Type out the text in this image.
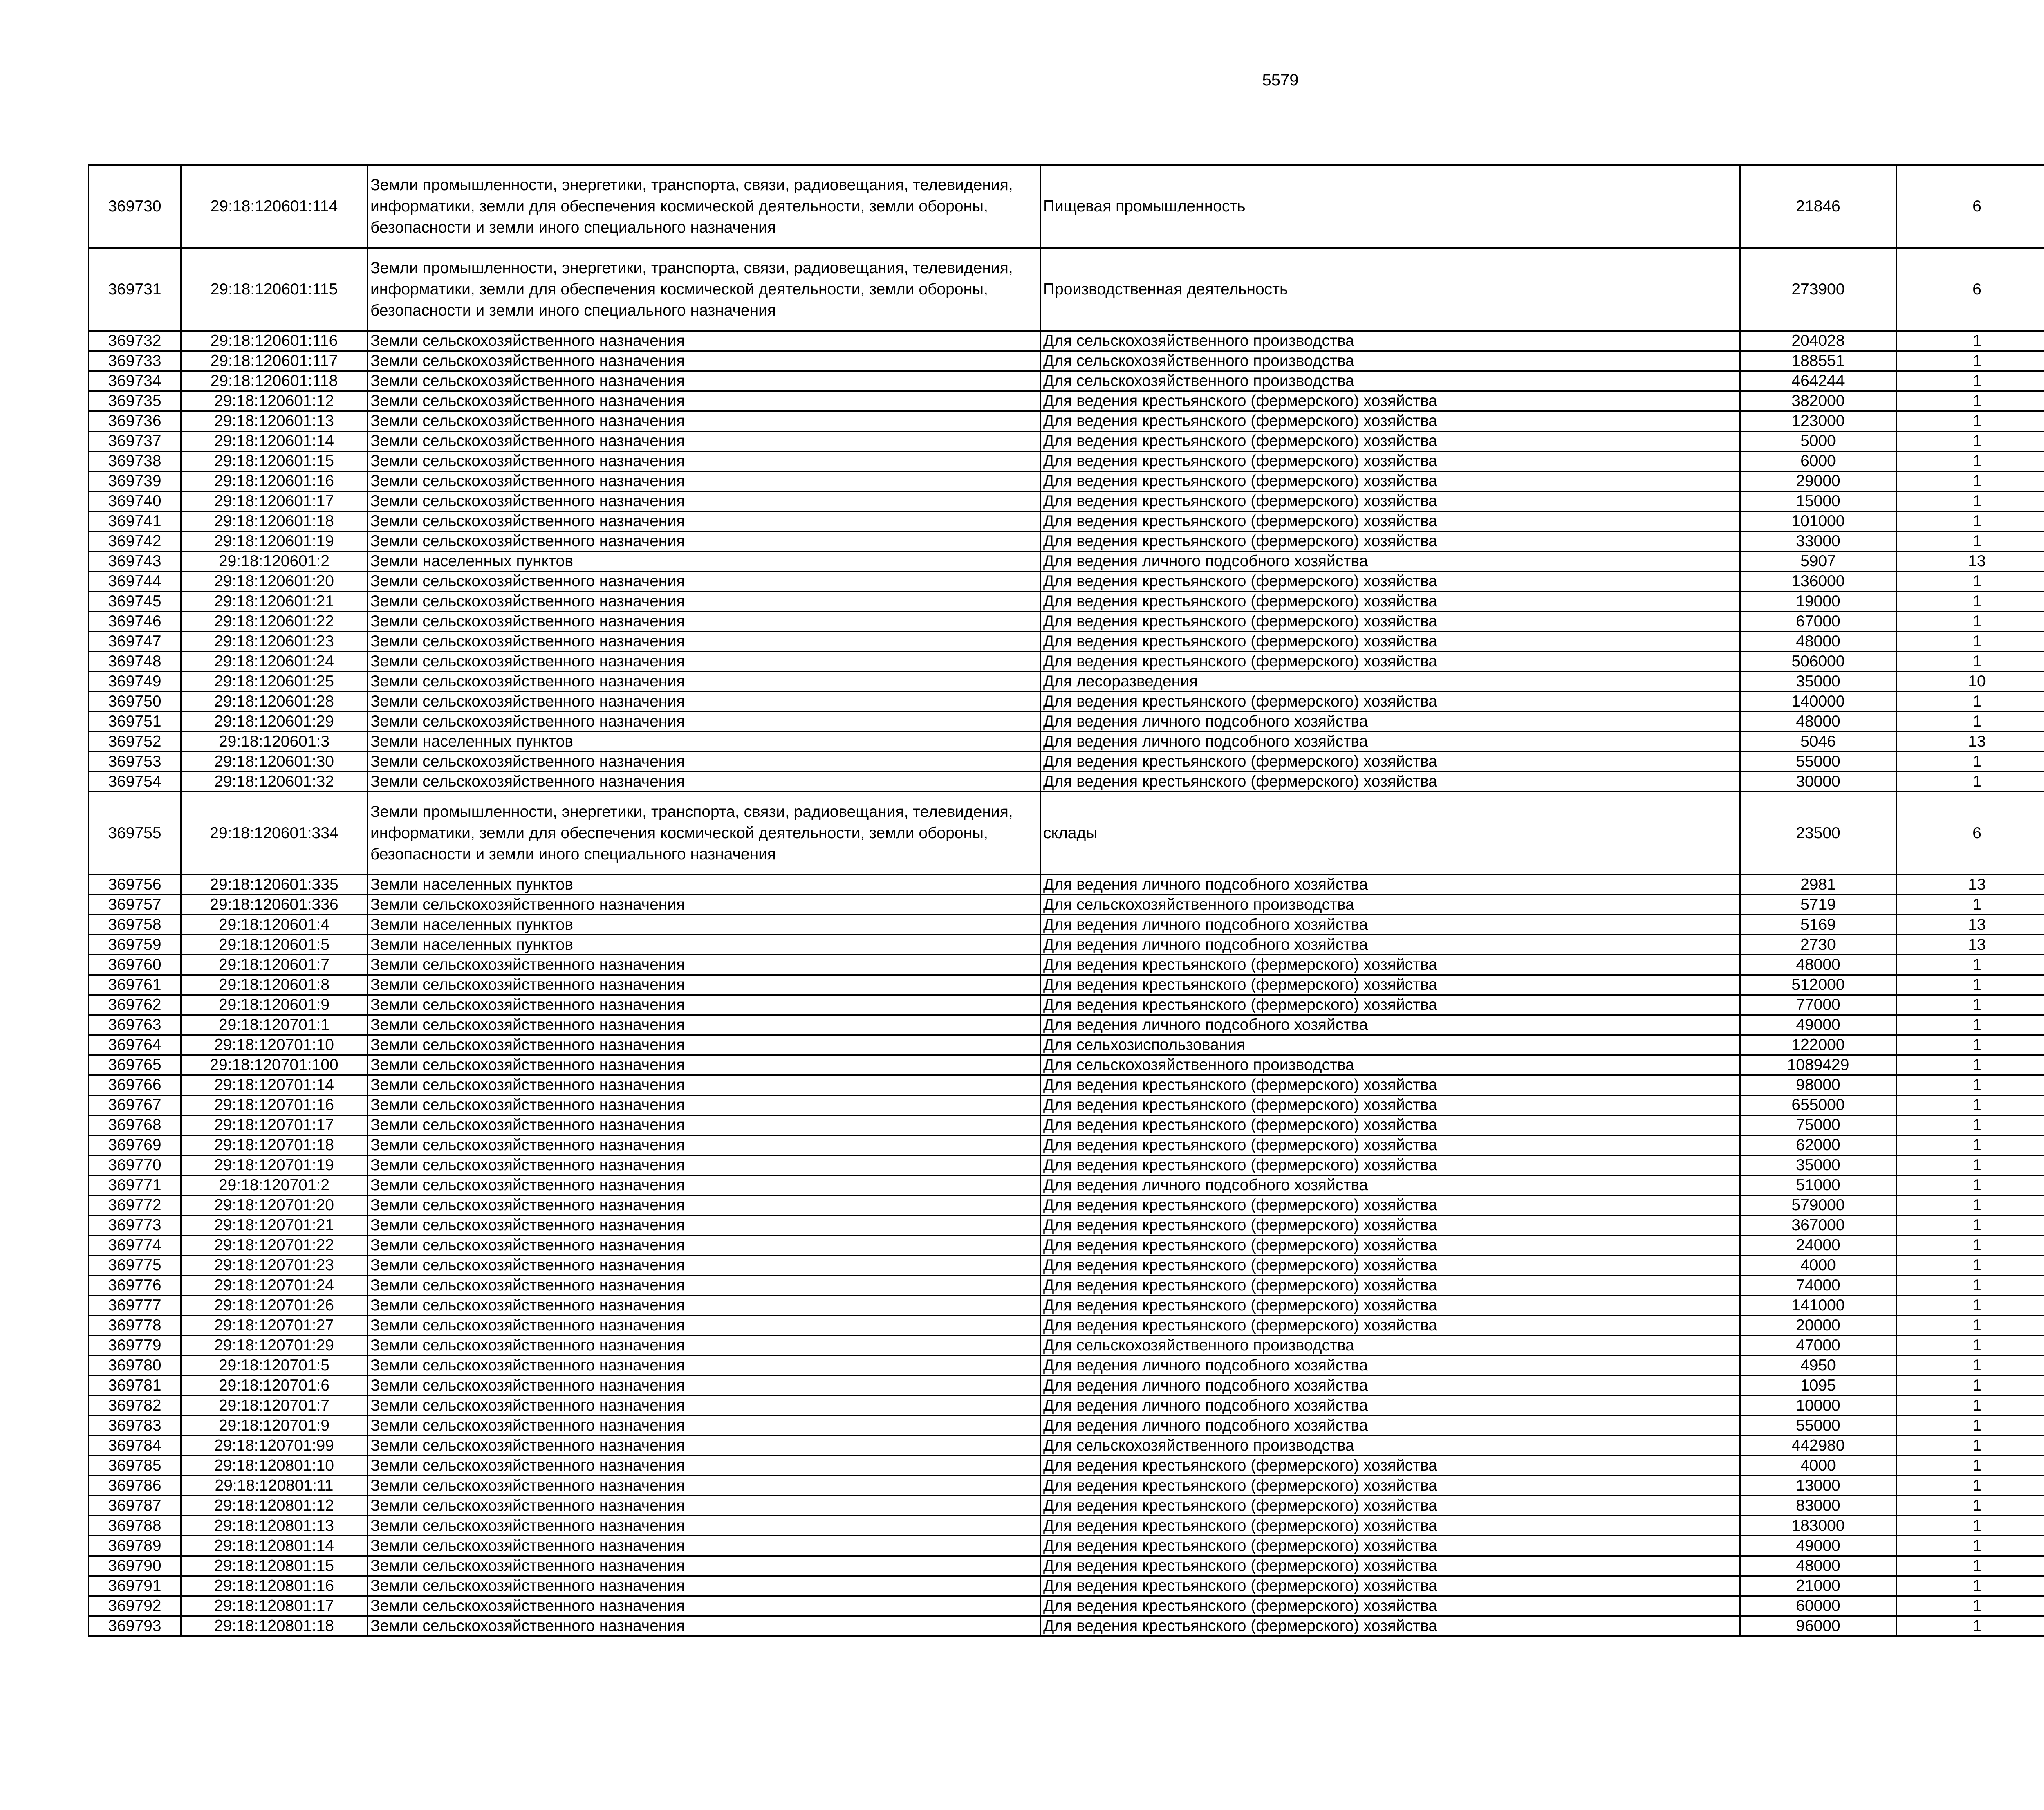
5579
369730	29:18:120601:114	Земли промышленности, энергетики, транспорта, связи, радиовещания, телевидения, информатики, земли для обеспечения космической деятельности, земли обороны, безопасности и земли иного специального назначения	Пищевая промышленность	21846	6		
369731	29:18:120601:115	Земли промышленности, энергетики, транспорта, связи, радиовещания, телевидения, информатики, земли для обеспечения космической деятельности, земли обороны, безопасности и земли иного специального назначения	Производственная деятельность	273900	6		
369732	29:18:120601:116	Земли сельскохозяйственного назначения	Для сельскохозяйственного производства	204028	1		
369733	29:18:120601:117	Земли сельскохозяйственного назначения	Для сельскохозяйственного производства	188551	1		
369734	29:18:120601:118	Земли сельскохозяйственного назначения	Для сельскохозяйственного производства	464244	1		
369735	29:18:120601:12	Земли сельскохозяйственного назначения	Для ведения крестьянского (фермерского) хозяйства	382000	1		
369736	29:18:120601:13	Земли сельскохозяйственного назначения	Для ведения крестьянского (фермерского) хозяйства	123000	1		
369737	29:18:120601:14	Земли сельскохозяйственного назначения	Для ведения крестьянского (фермерского) хозяйства	5000	1		
369738	29:18:120601:15	Земли сельскохозяйственного назначения	Для ведения крестьянского (фермерского) хозяйства	6000	1		
369739	29:18:120601:16	Земли сельскохозяйственного назначения	Для ведения крестьянского (фермерского) хозяйства	29000	1		
369740	29:18:120601:17	Земли сельскохозяйственного назначения	Для ведения крестьянского (фермерского) хозяйства	15000	1		
369741	29:18:120601:18	Земли сельскохозяйственного назначения	Для ведения крестьянского (фермерского) хозяйства	101000	1		
369742	29:18:120601:19	Земли сельскохозяйственного назначения	Для ведения крестьянского (фермерского) хозяйства	33000	1		
369743	29:18:120601:2	Земли населенных пунктов	Для ведения личного подсобного хозяйства	5907	13		
369744	29:18:120601:20	Земли сельскохозяйственного назначения	Для ведения крестьянского (фермерского) хозяйства	136000	1		
369745	29:18:120601:21	Земли сельскохозяйственного назначения	Для ведения крестьянского (фермерского) хозяйства	19000	1		
369746	29:18:120601:22	Земли сельскохозяйственного назначения	Для ведения крестьянского (фермерского) хозяйства	67000	1		
369747	29:18:120601:23	Земли сельскохозяйственного назначения	Для ведения крестьянского (фермерского) хозяйства	48000	1		
369748	29:18:120601:24	Земли сельскохозяйственного назначения	Для ведения крестьянского (фермерского) хозяйства	506000	1		
369749	29:18:120601:25	Земли сельскохозяйственного назначения	Для лесоразведения	35000	10		
369750	29:18:120601:28	Земли сельскохозяйственного назначения	Для ведения крестьянского (фермерского) хозяйства	140000	1		
369751	29:18:120601:29	Земли сельскохозяйственного назначения	Для ведения личного подсобного хозяйства	48000	1		
369752	29:18:120601:3	Земли населенных пунктов	Для ведения личного подсобного хозяйства	5046	13		
369753	29:18:120601:30	Земли сельскохозяйственного назначения	Для ведения крестьянского (фермерского) хозяйства	55000	1		
369754	29:18:120601:32	Земли сельскохозяйственного назначения	Для ведения крестьянского (фермерского) хозяйства	30000	1		
369755	29:18:120601:334	Земли промышленности, энергетики, транспорта, связи, радиовещания, телевидения, информатики, земли для обеспечения космической деятельности, земли обороны, безопасности и земли иного специального назначения	склады	23500	6		
369756	29:18:120601:335	Земли населенных пунктов	Для ведения личного подсобного хозяйства	2981	13		
369757	29:18:120601:336	Земли сельскохозяйственного назначения	Для сельскохозяйственного производства	5719	1		
369758	29:18:120601:4	Земли населенных пунктов	Для ведения личного подсобного хозяйства	5169	13		
369759	29:18:120601:5	Земли населенных пунктов	Для ведения личного подсобного хозяйства	2730	13		
369760	29:18:120601:7	Земли сельскохозяйственного назначения	Для ведения крестьянского (фермерского) хозяйства	48000	1		
369761	29:18:120601:8	Земли сельскохозяйственного назначения	Для ведения крестьянского (фермерского) хозяйства	512000	1		
369762	29:18:120601:9	Земли сельскохозяйственного назначения	Для ведения крестьянского (фермерского) хозяйства	77000	1		
369763	29:18:120701:1	Земли сельскохозяйственного назначения	Для ведения личного подсобного хозяйства	49000	1		
369764	29:18:120701:10	Земли сельскохозяйственного назначения	Для сельхозиспользования	122000	1		
369765	29:18:120701:100	Земли сельскохозяйственного назначения	Для сельскохозяйственного производства	1089429	1		
369766	29:18:120701:14	Земли сельскохозяйственного назначения	Для ведения крестьянского (фермерского) хозяйства	98000	1		
369767	29:18:120701:16	Земли сельскохозяйственного назначения	Для ведения крестьянского (фермерского) хозяйства	655000	1		
369768	29:18:120701:17	Земли сельскохозяйственного назначения	Для ведения крестьянского (фермерского) хозяйства	75000	1		
369769	29:18:120701:18	Земли сельскохозяйственного назначения	Для ведения крестьянского (фермерского) хозяйства	62000	1		
369770	29:18:120701:19	Земли сельскохозяйственного назначения	Для ведения крестьянского (фермерского) хозяйства	35000	1		
369771	29:18:120701:2	Земли сельскохозяйственного назначения	Для ведения личного подсобного хозяйства	51000	1		
369772	29:18:120701:20	Земли сельскохозяйственного назначения	Для ведения крестьянского (фермерского) хозяйства	579000	1		
369773	29:18:120701:21	Земли сельскохозяйственного назначения	Для ведения крестьянского (фермерского) хозяйства	367000	1		
369774	29:18:120701:22	Земли сельскохозяйственного назначения	Для ведения крестьянского (фермерского) хозяйства	24000	1		
369775	29:18:120701:23	Земли сельскохозяйственного назначения	Для ведения крестьянского (фермерского) хозяйства	4000	1		
369776	29:18:120701:24	Земли сельскохозяйственного назначения	Для ведения крестьянского (фермерского) хозяйства	74000	1		
369777	29:18:120701:26	Земли сельскохозяйственного назначения	Для ведения крестьянского (фермерского) хозяйства	141000	1		
369778	29:18:120701:27	Земли сельскохозяйственного назначения	Для ведения крестьянского (фермерского) хозяйства	20000	1		
369779	29:18:120701:29	Земли сельскохозяйственного назначения	Для сельскохозяйственного производства	47000	1		
369780	29:18:120701:5	Земли сельскохозяйственного назначения	Для ведения личного подсобного хозяйства	4950	1		
369781	29:18:120701:6	Земли сельскохозяйственного назначения	Для ведения личного подсобного хозяйства	1095	1		
369782	29:18:120701:7	Земли сельскохозяйственного назначения	Для ведения личного подсобного хозяйства	10000	1		
369783	29:18:120701:9	Земли сельскохозяйственного назначения	Для ведения личного подсобного хозяйства	55000	1		
369784	29:18:120701:99	Земли сельскохозяйственного назначения	Для сельскохозяйственного производства	442980	1		
369785	29:18:120801:10	Земли сельскохозяйственного назначения	Для ведения крестьянского (фермерского) хозяйства	4000	1		
369786	29:18:120801:11	Земли сельскохозяйственного назначения	Для ведения крестьянского (фермерского) хозяйства	13000	1		
369787	29:18:120801:12	Земли сельскохозяйственного назначения	Для ведения крестьянского (фермерского) хозяйства	83000	1		
369788	29:18:120801:13	Земли сельскохозяйственного назначения	Для ведения крестьянского (фермерского) хозяйства	183000	1		
369789	29:18:120801:14	Земли сельскохозяйственного назначения	Для ведения крестьянского (фермерского) хозяйства	49000	1		
369790	29:18:120801:15	Земли сельскохозяйственного назначения	Для ведения крестьянского (фермерского) хозяйства	48000	1		
369791	29:18:120801:16	Земли сельскохозяйственного назначения	Для ведения крестьянского (фермерского) хозяйства	21000	1		
369792	29:18:120801:17	Земли сельскохозяйственного назначения	Для ведения крестьянского (фермерского) хозяйства	60000	1		
369793	29:18:120801:18	Земли сельскохозяйственного назначения	Для ведения крестьянского (фермерского) хозяйства	96000	1		
